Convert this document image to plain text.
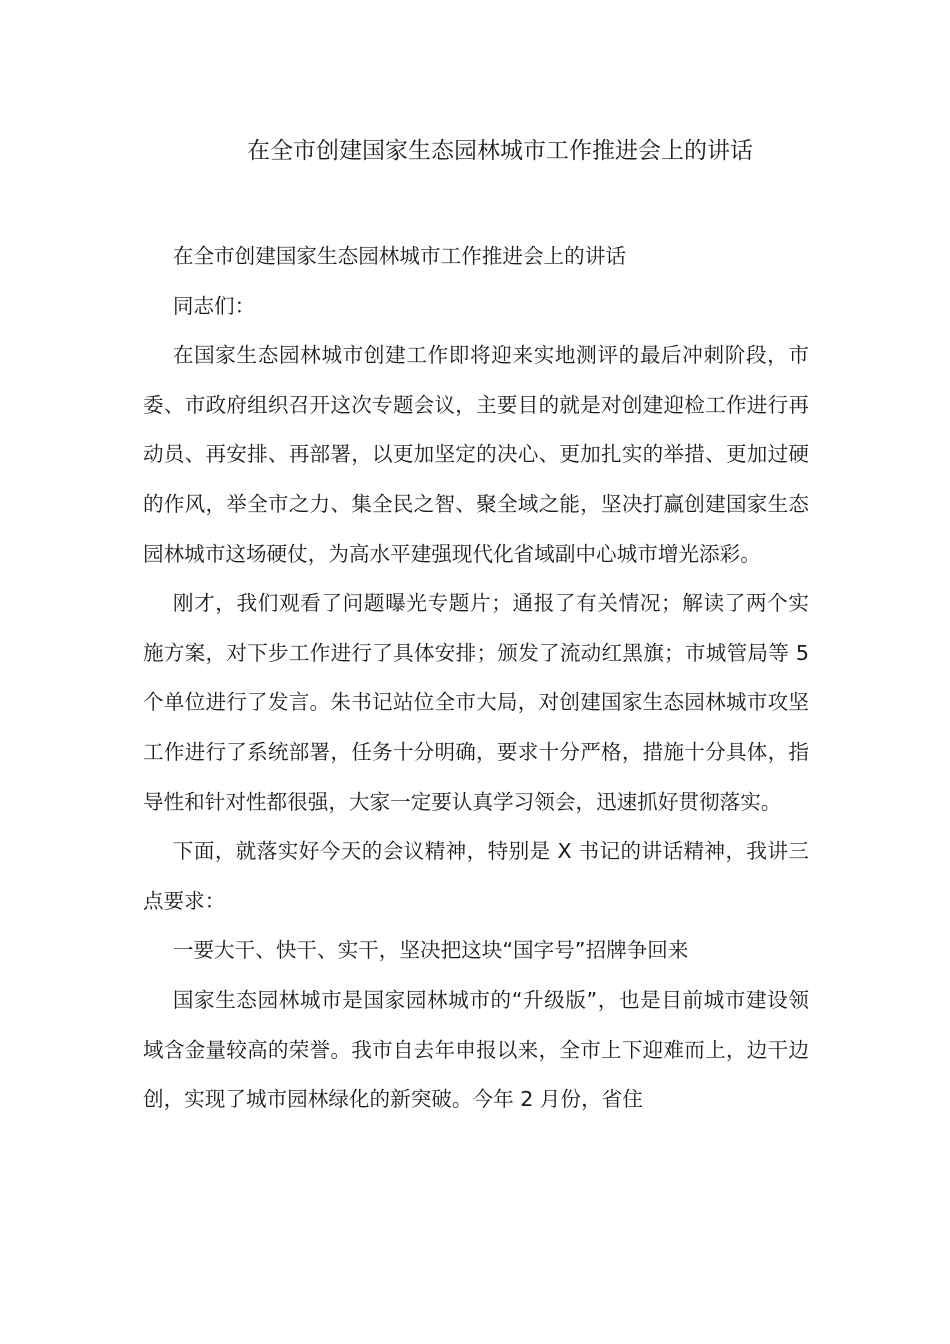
在全市创建国家生态园林城市工作推进会上的讲话

在全市创建国家生态园林城市工作推进会上的讲话

同志们：

在国家生态园林城市创建工作即将迎来实地测评的最后冲刺阶段，市委、市政府组织召开这次专题会议，主要目的就是对创建迎检工作进行再动员、再安排、再部署，以更加坚定的决心、更加扎实的举措、更加过硬的作风，举全市之力、集全民之智、聚全域之能，坚决打赢创建国家生态园林城市这场硬仗，为高水平建强现代化省域副中心城市增光添彩。

刚才，我们观看了问题曝光专题片；通报了有关情况；解读了两个实施方案，对下步工作进行了具体安排；颁发了流动红黑旗；市城管局等 5 个单位进行了发言。朱书记站位全市大局，对创建国家生态园林城市攻坚工作进行了系统部署，任务十分明确，要求十分严格，措施十分具体，指导性和针对性都很强，大家一定要认真学习领会，迅速抓好贯彻落实。

下面，就落实好今天的会议精神，特别是 X 书记的讲话精神，我讲三点要求：

一要大干、快干、实干，坚决把这块“国字号”招牌争回来

国家生态园林城市是国家园林城市的“升级版”，也是目前城市建设领域含金量较高的荣誉。我市自去年申报以来，全市上下迎难而上，边干边创，实现了城市园林绿化的新突破。今年 2 月份，省住
